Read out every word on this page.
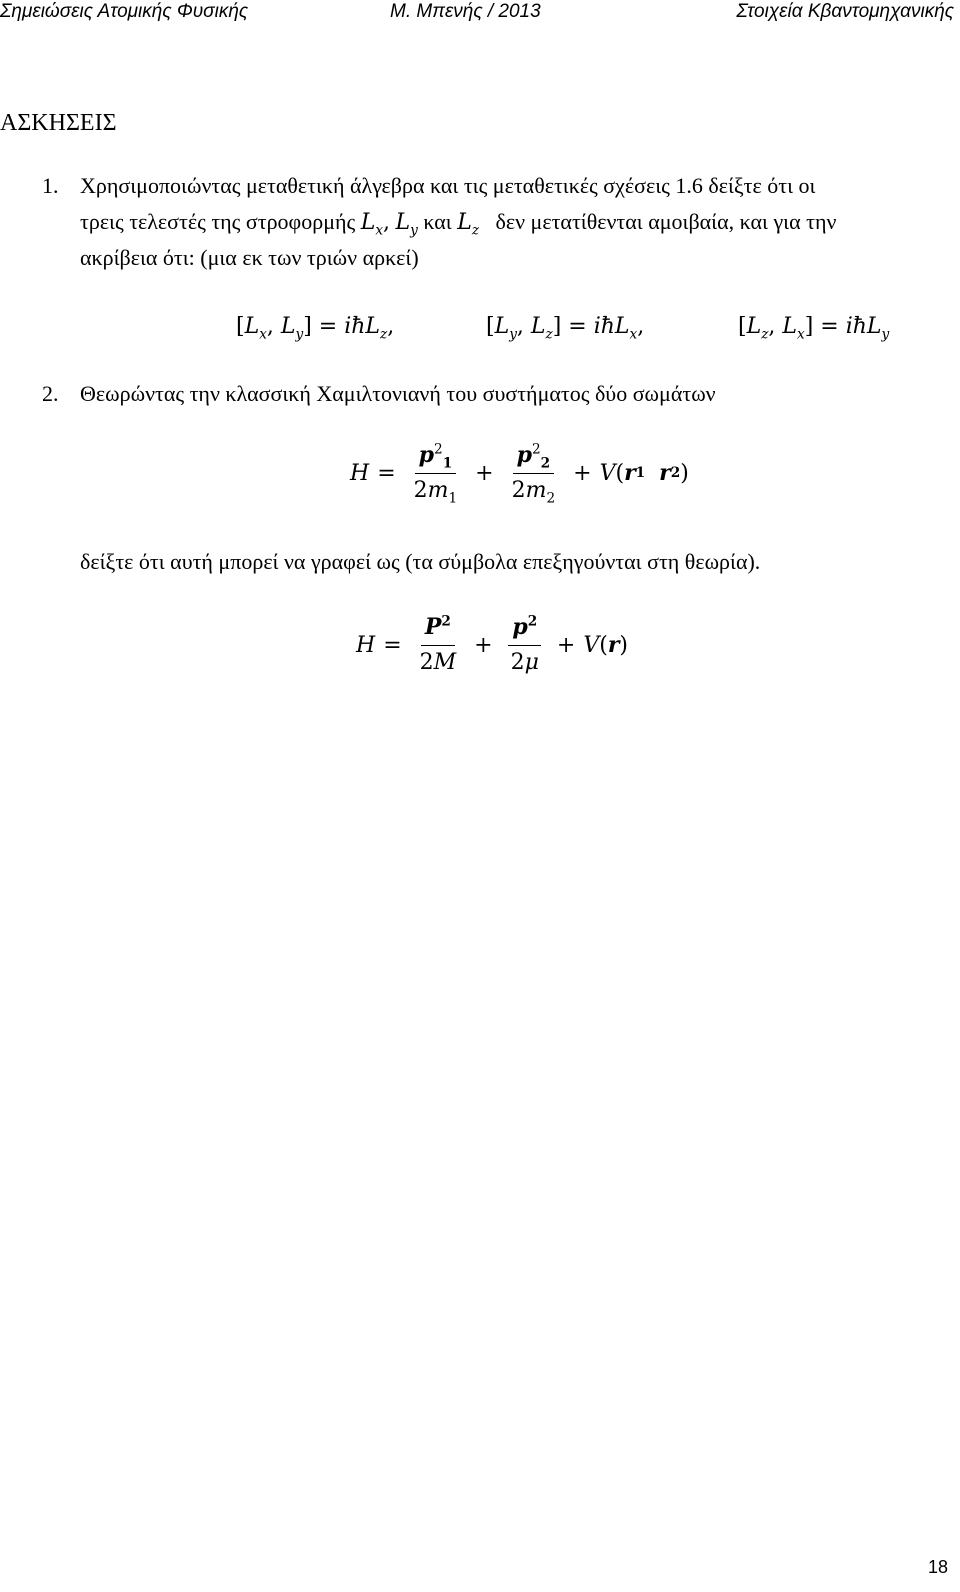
Σημειώσεις Ατομικής Φυσικής	Μ. Μπενής / 2013	Στοιχεία Κβαντομηχανικής
ΑΣΚΗΣΕΙΣ
1. Χρησιμοποιώντας μεταθετική άλγεβρα και τις μεταθετικές σχέσεις 1.6 δείξτε ότι οι
τρεις τελεστές της στροφορμής $L_x$, $L_y$ και $L_z$ δεν μετατίθενται αμοιβαία, και για την
ακρίβεια ότι: (μια εκ των τριών αρκεί)
[$L_x$, $L_y$] = iħL$_z$,	[$L_y$, $L_z$] = iħL$_x$,	[$L_z$, $L_x$] = iħL$_y$
2. Θεωρώντας την κλασσική Χαμιλτονιανή του συστήματος δύο σωμάτων
$H = \frac{p^2_1}{2m_1} + \frac{p^2_2}{2m_2} + V$ ( r 1
r 2 )
δείξτε ότι αυτή μπορεί να γραφεί ως (τα σύμβολα επεξηγούνται στη θεωρία).
$H = \frac{P^2}{2M} + \frac{p^2}{2\mu} + V$ ( r )
18
